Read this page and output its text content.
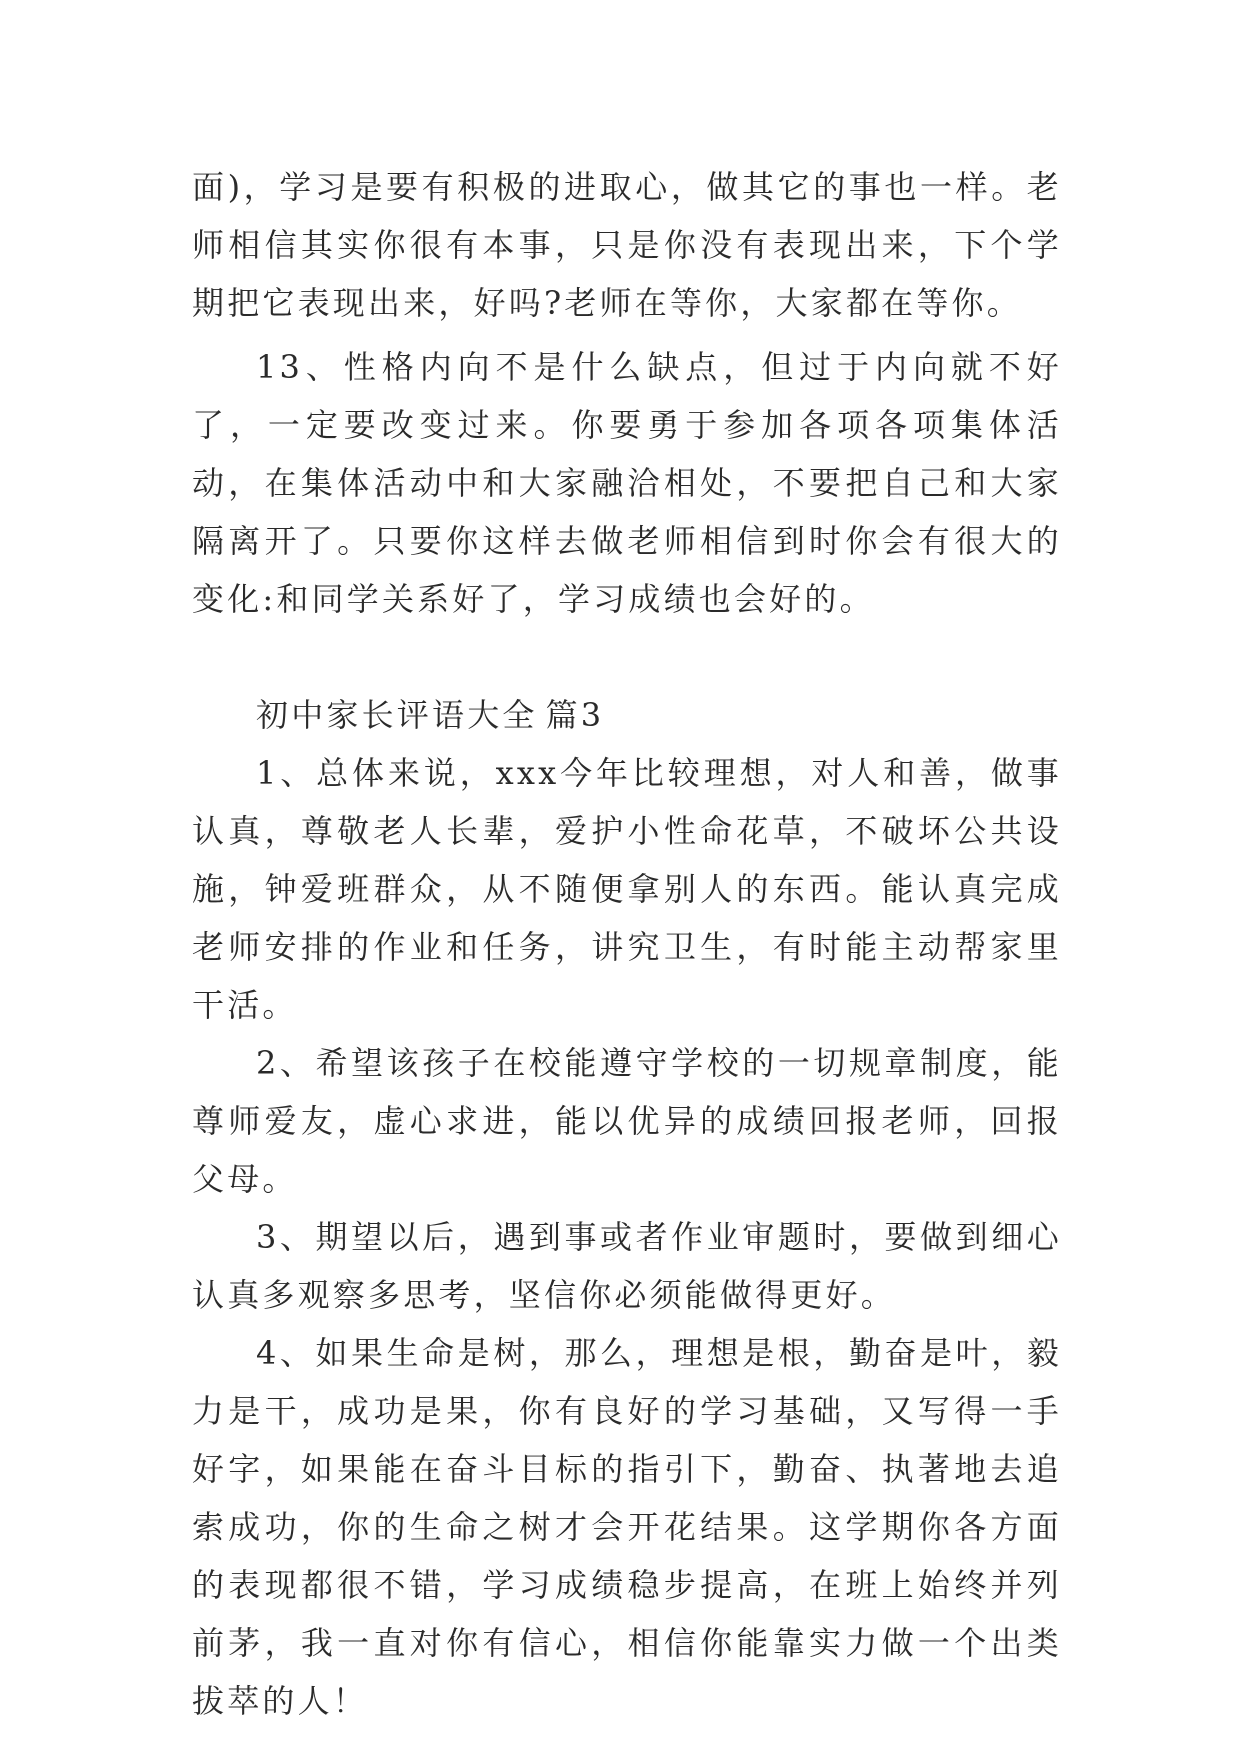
面)，学习是要有积极的进取心，做其它的事也一样。老师相信其实你很有本事，只是你没有表现出来，下个学期把它表现出来，好吗?老师在等你，大家都在等你。

13、性格内向不是什么缺点，但过于内向就不好了，一定要改变过来。你要勇于参加各项各项集体活动，在集体活动中和大家融洽相处，不要把自己和大家隔离开了。只要你这样去做老师相信到时你会有很大的变化:和同学关系好了，学习成绩也会好的。

初中家长评语大全 篇3

1、总体来说，xxx今年比较理想，对人和善，做事认真，尊敬老人长辈，爱护小性命花草，不破坏公共设施，钟爱班群众，从不随便拿别人的东西。能认真完成老师安排的作业和任务，讲究卫生，有时能主动帮家里干活。

2、希望该孩子在校能遵守学校的一切规章制度，能尊师爱友，虚心求进，能以优异的成绩回报老师，回报父母。

3、期望以后，遇到事或者作业审题时，要做到细心认真多观察多思考，坚信你必须能做得更好。

4、如果生命是树，那么，理想是根，勤奋是叶，毅力是干，成功是果，你有良好的学习基础，又写得一手好字，如果能在奋斗目标的指引下，勤奋、执著地去追索成功，你的生命之树才会开花结果。这学期你各方面的表现都很不错，学习成绩稳步提高，在班上始终并列前茅，我一直对你有信心，相信你能靠实力做一个出类拔萃的人！
